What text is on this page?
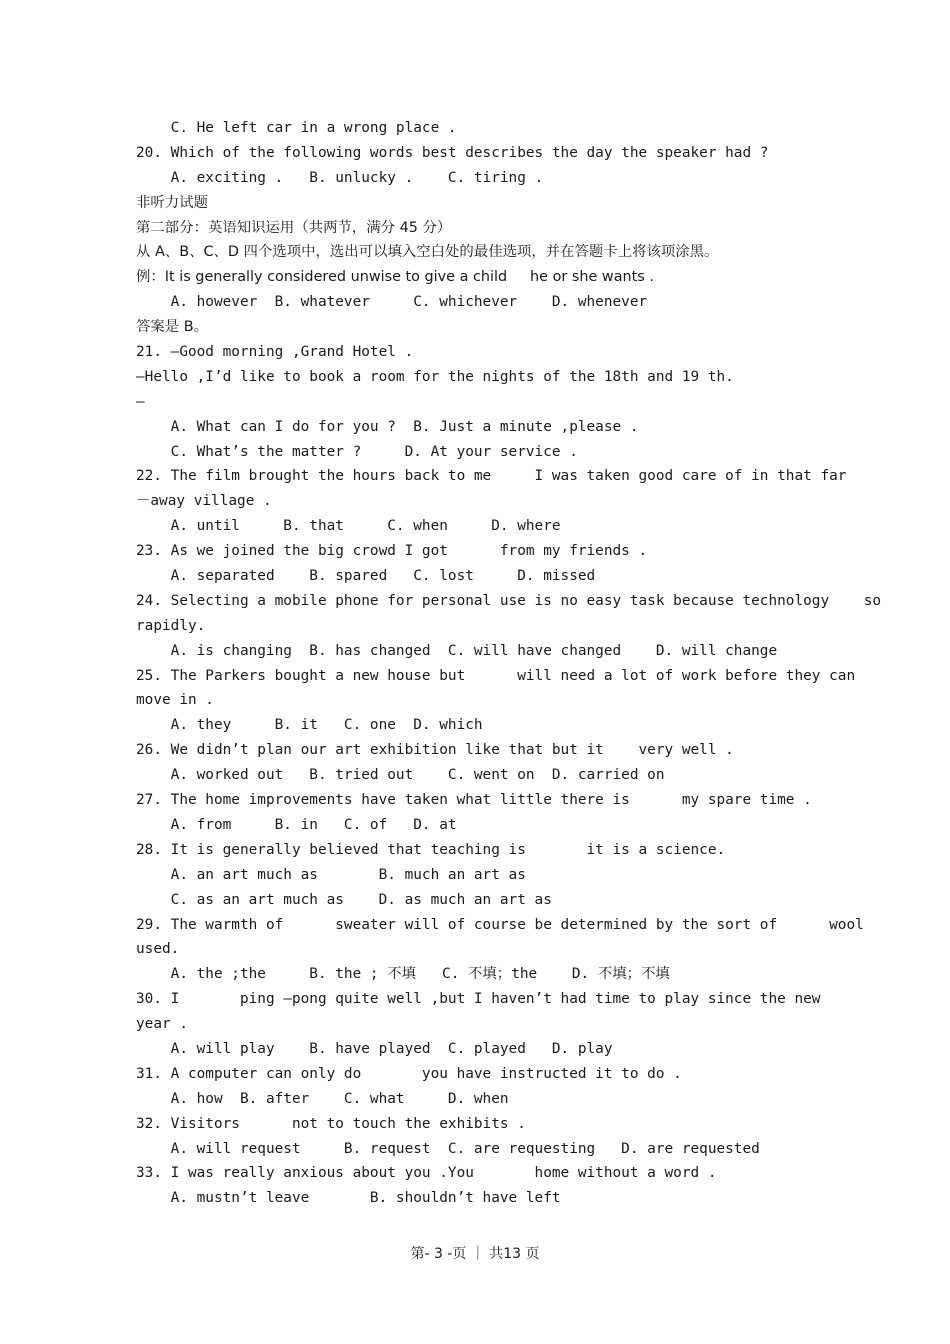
C. He left car in a wrong place .
20. Which of the following words best describes the day the speaker had ?
A. exciting .   B. unlucky .    C. tiring .
非听力试题
第二部分：英语知识运用（共两节，满分 45 分）
从 A、B、C、D 四个选项中，选出可以填入空白处的最佳选项，并在答题卡上将该项涂黑。
例：It is generally considered unwise to give a child     he or she wants .
A. however  B. whatever     C. whichever    D. whenever
答案是 B。
21. —Good morning ,Grand Hotel .
—Hello ,I’d like to book a room for the nights of the 18th and 19 th.
—
A. What can I do for you ?  B. Just a minute ,please .
C. What’s the matter ?     D. At your service .
22. The film brought the hours back to me     I was taken good care of in that far
－away village .
A. until     B. that     C. when     D. where
23. As we joined the big crowd I got      from my friends .
A. separated    B. spared   C. lost     D. missed
24. Selecting a mobile phone for personal use is no easy task because technology    so
rapidly.
A. is changing  B. has changed  C. will have changed    D. will change
25. The Parkers bought a new house but      will need a lot of work before they can
move in .
A. they     B. it   C. one  D. which
26. We didn’t plan our art exhibition like that but it    very well .
A. worked out   B. tried out    C. went on  D. carried on
27. The home improvements have taken what little there is      my spare time .
A. from     B. in   C. of   D. at
28. It is generally believed that teaching is       it is a science.
A. an art much as       B. much an art as
C. as an art much as    D. as much an art as
29. The warmth of      sweater will of course be determined by the sort of      wool
used.
A. the ;the     B. the ; 不填   C. 不填；the    D. 不填；不填
30. I       ping —pong quite well ,but I haven’t had time to play since the new
year .
A. will play    B. have played  C. played   D. play
31. A computer can only do       you have instructed it to do .
A. how  B. after    C. what     D. when
32. Visitors      not to touch the exhibits .
A. will request     B. request  C. are requesting   D. are requested
33. I was really anxious about you .You       home without a word .
A. mustn’t leave       B. shouldn’t have left
第- 3 -页 ｜ 共13 页
